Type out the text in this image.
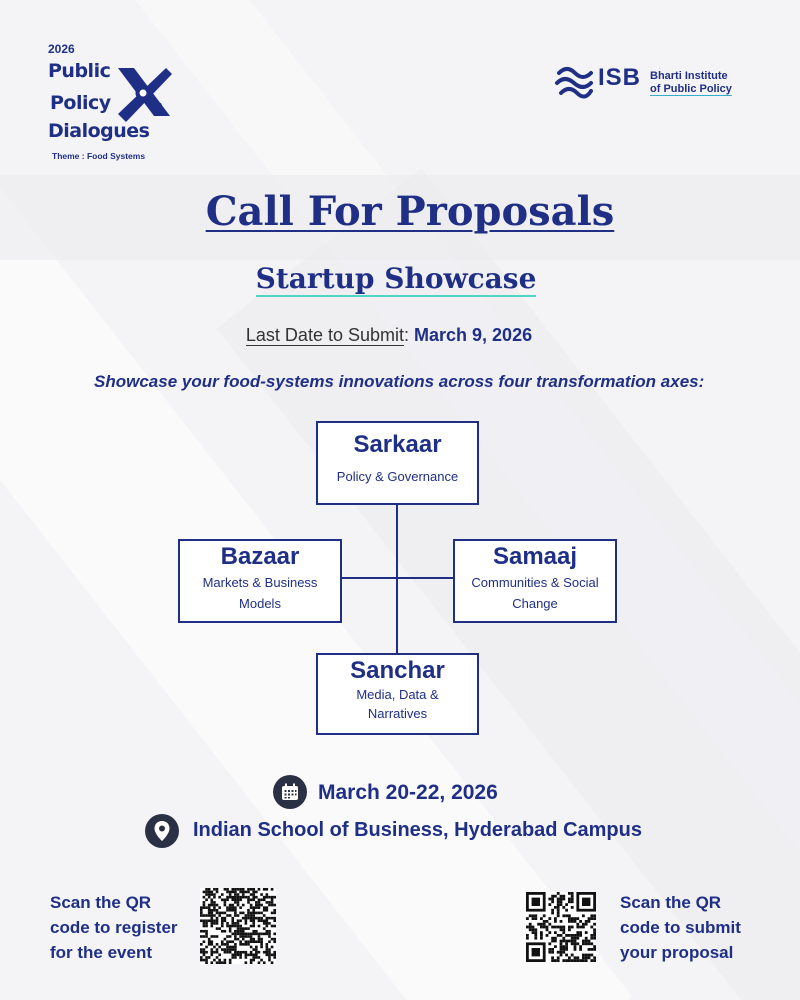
2026
Public
Policy
Dialogues
Theme : Food Systems
ISB Bharti Institute
of Public Policy
Call For Proposals
Startup Showcase
Last Date to Submit: March 9, 2026
Showcase your food-systems innovations across four transformation axes:
Sarkaar
Policy & Governance
Bazaar
Markets & Business
Models
Samaaj
Communities & Social
Change
Sanchar
Media, Data &
Narratives
March 20-22, 2026
Indian School of Business, Hyderabad Campus
Scan the QR
code to register
for the event
Scan the QR
code to submit
your proposal
